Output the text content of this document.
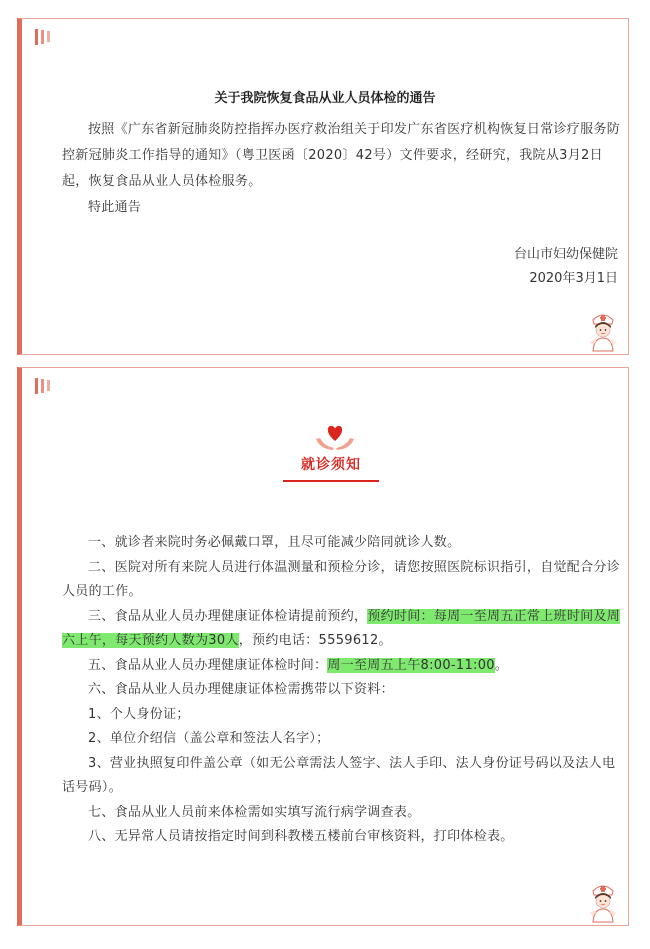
关于我院恢复食品从业人员体检的通告
按照《广东省新冠肺炎防控指挥办医疗救治组关于印发广东省医疗机构恢复日常诊疗服务防控新冠肺炎工作指导的通知》（粤卫医函〔2020〕42号）文件要求，经研究，我院从3月2日起，恢复食品从业人员体检服务。
特此通告
台山市妇幼保健院
2020年3月1日
就诊须知
一、就诊者来院时务必佩戴口罩，且尽可能减少陪同就诊人数。
二、医院对所有来院人员进行体温测量和预检分诊，请您按照医院标识指引，自觉配合分诊人员的工作。
三、食品从业人员办理健康证体检请提前预约，预约时间：每周一至周五正常上班时间及周六上午，每天预约人数为30人，预约电话：5559612。
五、食品从业人员办理健康证体检时间：周一至周五上午8:00-11:00。
六、食品从业人员办理健康证体检需携带以下资料：
1、个人身份证；
2、单位介绍信（盖公章和签法人名字）；
3、营业执照复印件盖公章（如无公章需法人签字、法人手印、法人身份证号码以及法人电话号码）。
七、食品从业人员前来体检需如实填写流行病学调查表。
八、无异常人员请按指定时间到科教楼五楼前台审核资料，打印体检表。
